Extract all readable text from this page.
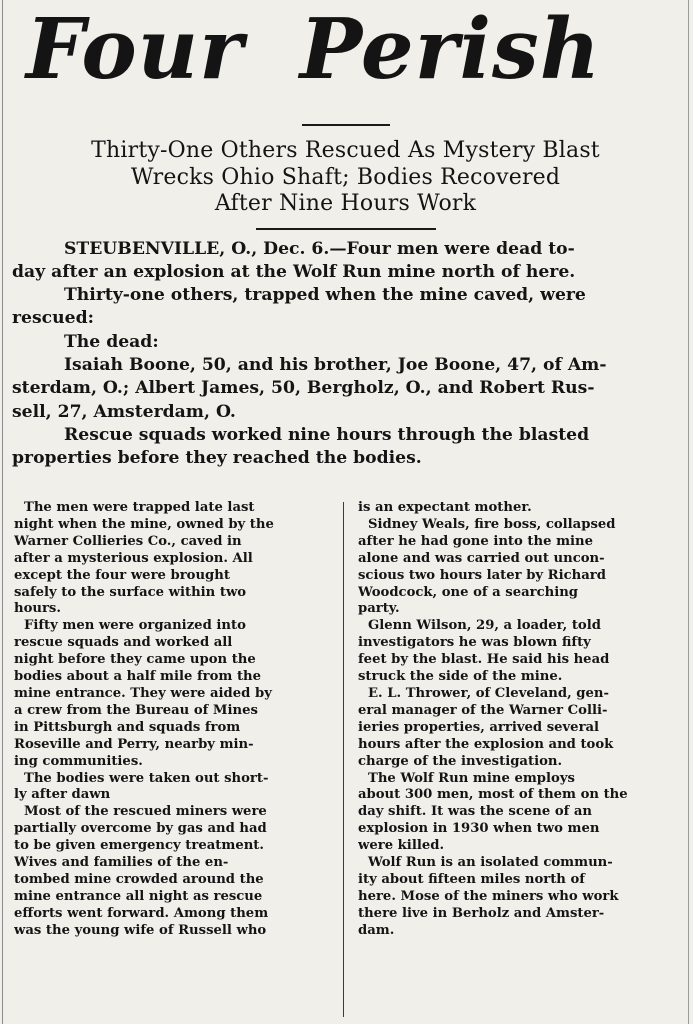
Four Perish
Thirty-One Others Rescued As Mystery Blast
Wrecks Ohio Shaft; Bodies Recovered
After Nine Hours Work
STEUBENVILLE, O., Dec. 6.—Four men were dead to-
day after an explosion at the Wolf Run mine north of here.
Thirty-one others, trapped when the mine caved, were
rescued:
The dead:
Isaiah Boone, 50, and his brother, Joe Boone, 47, of Am-
sterdam, O.; Albert James, 50, Bergholz, O., and Robert Rus-
sell, 27, Amsterdam, O.
Rescue squads worked nine hours through the blasted
properties before they reached the bodies.
The men were trapped late last
night when the mine, owned by the
Warner Collieries Co., caved in
after a mysterious explosion. All
except the four were brought
safely to the surface within two
hours.
Fifty men were organized into
rescue squads and worked all
night before they came upon the
bodies about a half mile from the
mine entrance. They were aided by
a crew from the Bureau of Mines
in Pittsburgh and squads from
Roseville and Perry, nearby min-
ing communities.
The bodies were taken out short-
ly after dawn
Most of the rescued miners were
partially overcome by gas and had
to be given emergency treatment.
Wives and families of the en-
tombed mine crowded around the
mine entrance all night as rescue
efforts went forward. Among them
was the young wife of Russell who
is an expectant mother.
Sidney Weals, fire boss, collapsed
after he had gone into the mine
alone and was carried out uncon-
scious two hours later by Richard
Woodcock, one of a searching
party.
Glenn Wilson, 29, a loader, told
investigators he was blown fifty
feet by the blast. He said his head
struck the side of the mine.
E. L. Thrower, of Cleveland, gen-
eral manager of the Warner Colli-
ieries properties, arrived several
hours after the explosion and took
charge of the investigation.
The Wolf Run mine employs
about 300 men, most of them on the
day shift. It was the scene of an
explosion in 1930 when two men
were killed.
Wolf Run is an isolated commun-
ity about fifteen miles north of
here. Mose of the miners who work
there live in Berholz and Amster-
dam.
